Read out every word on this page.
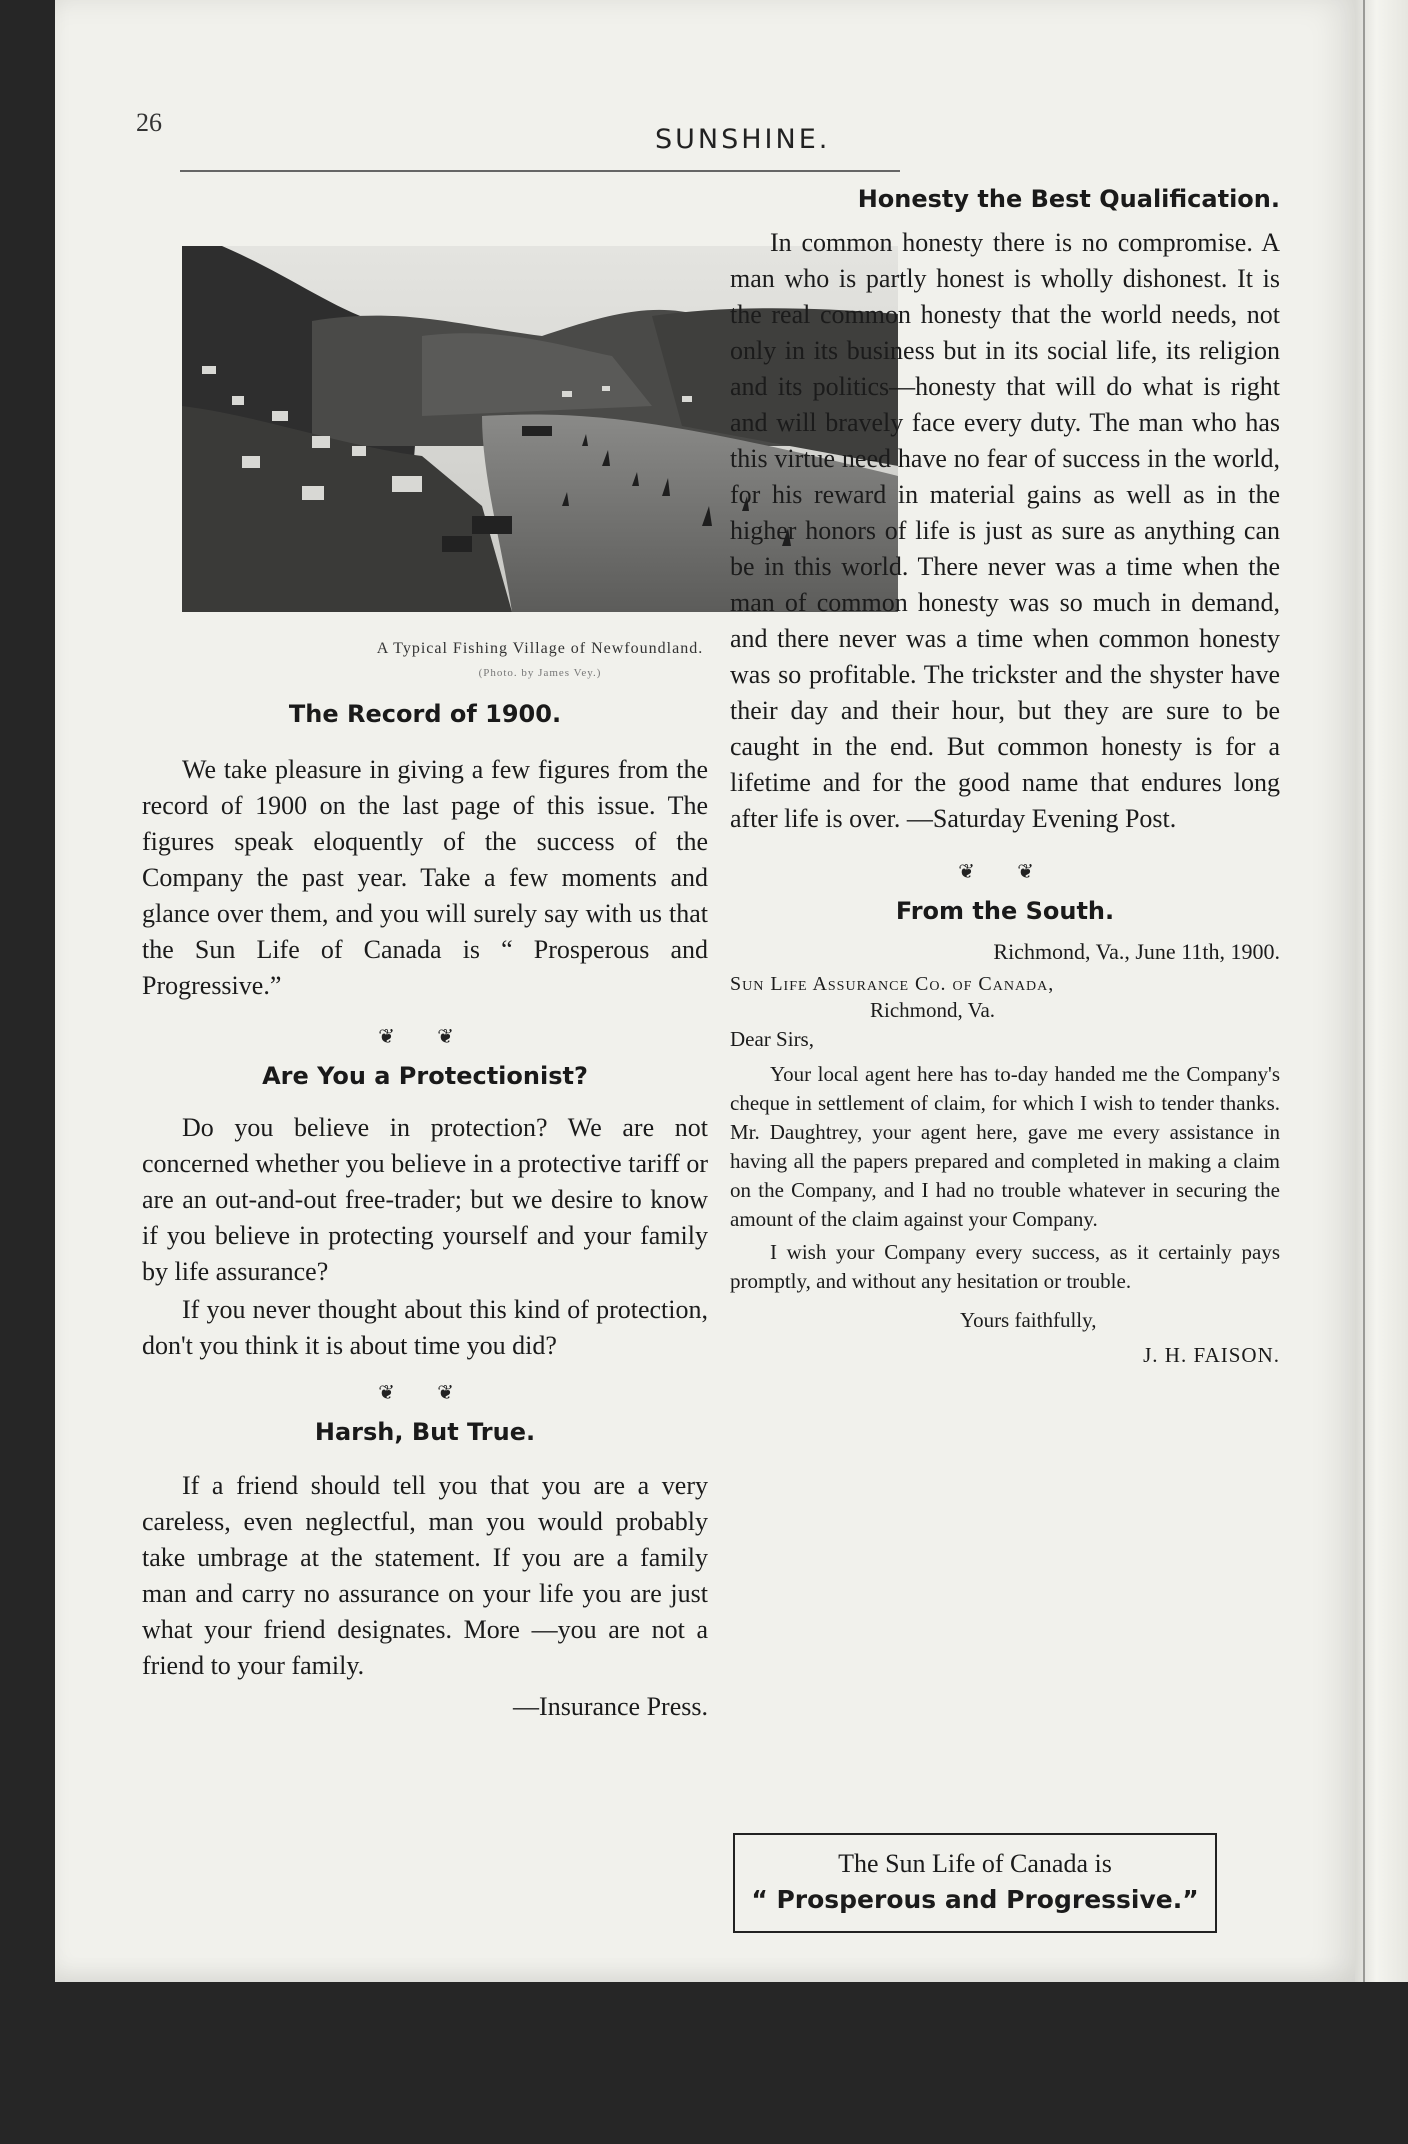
26
SUNSHINE.
A Typical Fishing Village of Newfoundland.
(Photo. by James Vey.)
The Record of 1900.

We take pleasure in giving a few figures from the record of 1900 on the last page of this issue. The figures speak eloquently of the success of the Company the past year. Take a few moments and glance over them, and you will surely say with us that the Sun Life of Canada is “ Prosperous and Progressive.”

❦ ❦
Are You a Protectionist?

Do you believe in protection? We are not concerned whether you believe in a protective tariff or are an out-and-out free-trader; but we desire to know if you believe in protecting yourself and your family by life assurance?

If you never thought about this kind of protection, don't you think it is about time you did?

❦ ❦
Harsh, But True.

If a friend should tell you that you are a very careless, even neglectful, man you would probably take umbrage at the statement. If you are a family man and carry no assurance on your life you are just what your friend designates. More —you are not a friend to your family.

—Insurance Press.

Honesty the Best Qualification.

In common honesty there is no compromise. A man who is partly honest is wholly dishonest. It is the real common honesty that the world needs, not only in its business but in its social life, its religion and its politics—honesty that will do what is right and will bravely face every duty. The man who has this virtue need have no fear of success in the world, for his reward in material gains as well as in the higher honors of life is just as sure as anything can be in this world. There never was a time when the man of common honesty was so much in demand, and there never was a time when common honesty was so profitable. The trickster and the shyster have their day and their hour, but they are sure to be caught in the end. But common honesty is for a lifetime and for the good name that endures long after life is over. —Saturday Evening Post.

❦ ❦
From the South.

Richmond, Va., June 11th, 1900.

Sun Life Assurance Co. of Canada,

Richmond, Va.

Dear Sirs,

Your local agent here has to-day handed me the Company's cheque in settlement of claim, for which I wish to tender thanks. Mr. Daughtrey, your agent here, gave me every assistance in having all the papers prepared and completed in making a claim on the Company, and I had no trouble whatever in securing the amount of the claim against your Company.

I wish your Company every success, as it certainly pays promptly, and without any hesitation or trouble.

Yours faithfully,

J. H. FAISON.

The Sun Life of Canada is
“ Prosperous and Progressive.”
